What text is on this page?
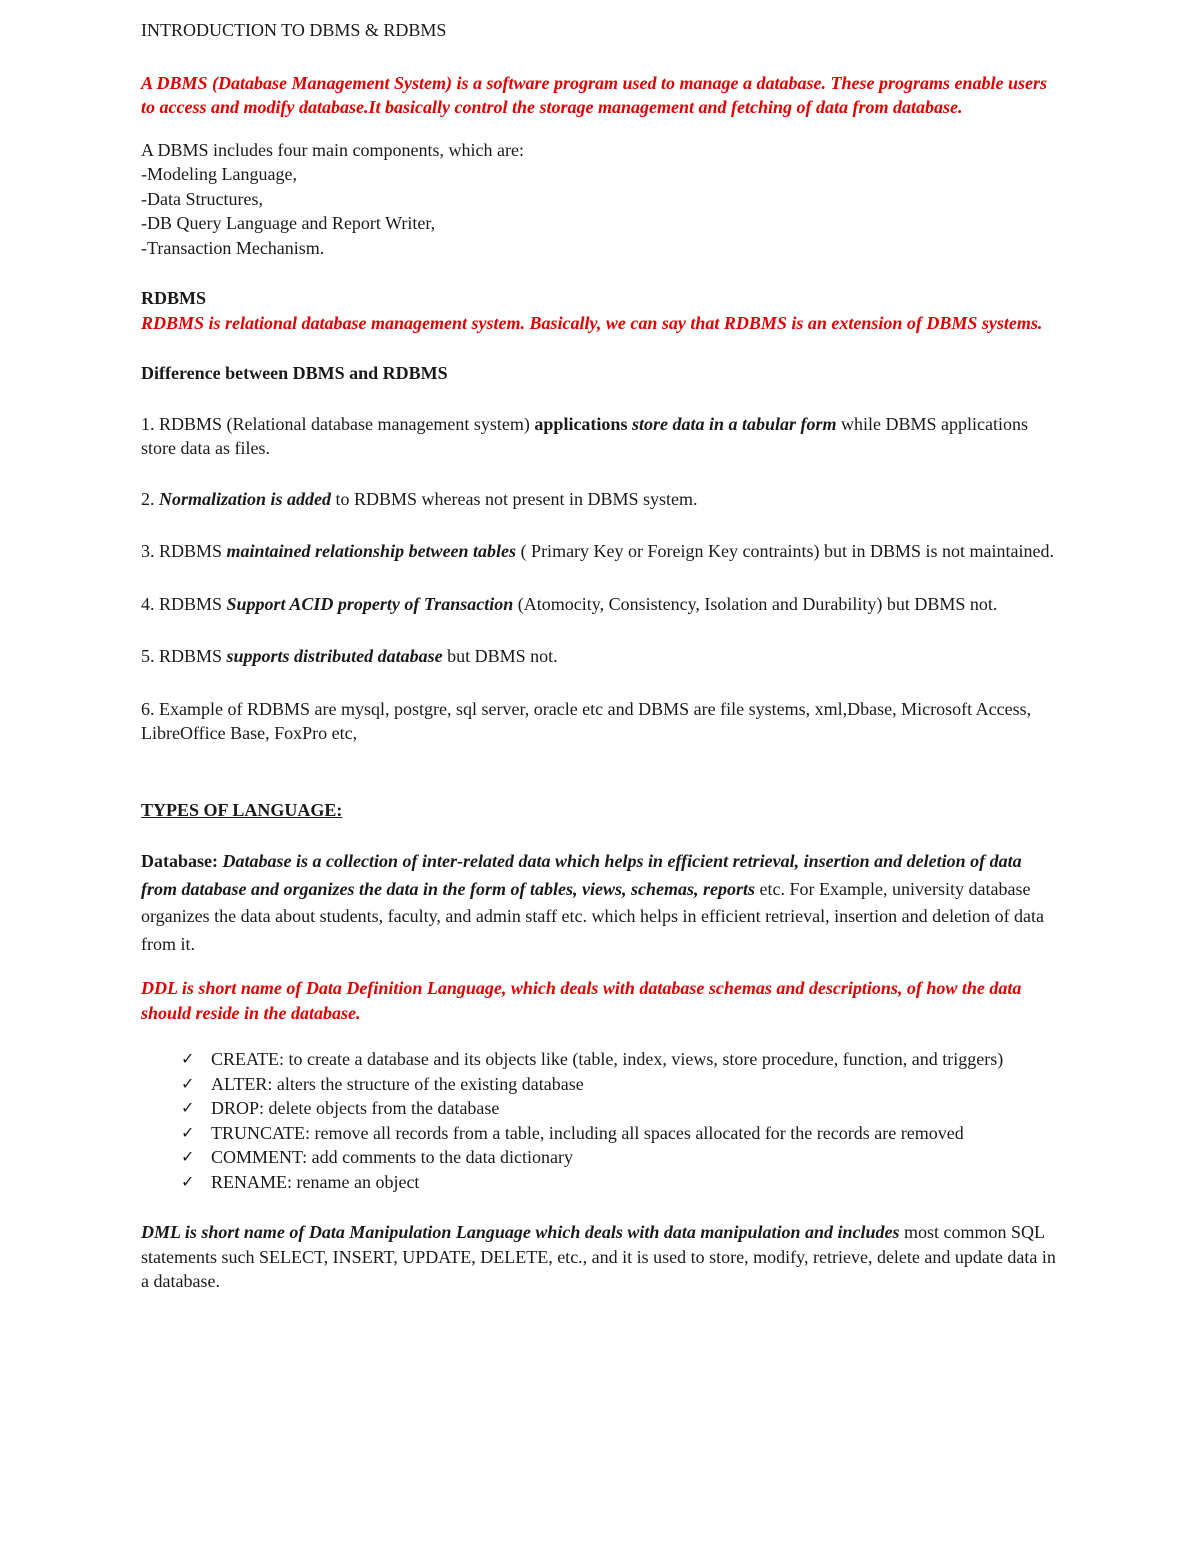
INTRODUCTION TO DBMS & RDBMS

A DBMS (Database Management System) is a software program used to manage a database. These programs enable users to access and modify database.It basically control the storage management and fetching of data from database.

A DBMS includes four main components, which are:

-Modeling Language,

-Data Structures,

-DB Query Language and Report Writer,

-Transaction Mechanism.

RDBMS

RDBMS is relational database management system. Basically, we can say that RDBMS is an extension of DBMS systems.

Difference between DBMS and RDBMS

1. RDBMS (Relational database management system) applications store data in a tabular form while DBMS applications store data as files.

2. Normalization is added to RDBMS whereas not present in DBMS system.

3. RDBMS maintained relationship between tables ( Primary Key or Foreign Key contraints) but in DBMS is not maintained.

4. RDBMS Support ACID property of Transaction (Atomocity, Consistency, Isolation and Durability) but DBMS not.

5. RDBMS supports distributed database but DBMS not.

6. Example of RDBMS are mysql, postgre, sql server, oracle etc and DBMS are file systems, xml,Dbase, Microsoft Access, LibreOffice Base, FoxPro etc,

TYPES OF LANGUAGE:

Database: Database is a collection of inter-related data which helps in efficient retrieval, insertion and deletion of data from database and organizes the data in the form of tables, views, schemas, reports etc. For Example, university database organizes the data about students, faculty, and admin staff etc. which helps in efficient retrieval, insertion and deletion of data from it.

DDL is short name of Data Definition Language, which deals with database schemas and descriptions, of how the data should reside in the database.

✓ CREATE: to create a database and its objects like (table, index, views, store procedure, function, and triggers)
✓ ALTER: alters the structure of the existing database
✓ DROP: delete objects from the database
✓ TRUNCATE: remove all records from a table, including all spaces allocated for the records are removed
✓ COMMENT: add comments to the data dictionary
✓ RENAME: rename an object

DML is short name of Data Manipulation Language which deals with data manipulation and includes most common SQL statements such SELECT, INSERT, UPDATE, DELETE, etc., and it is used to store, modify, retrieve, delete and update data in a database.
